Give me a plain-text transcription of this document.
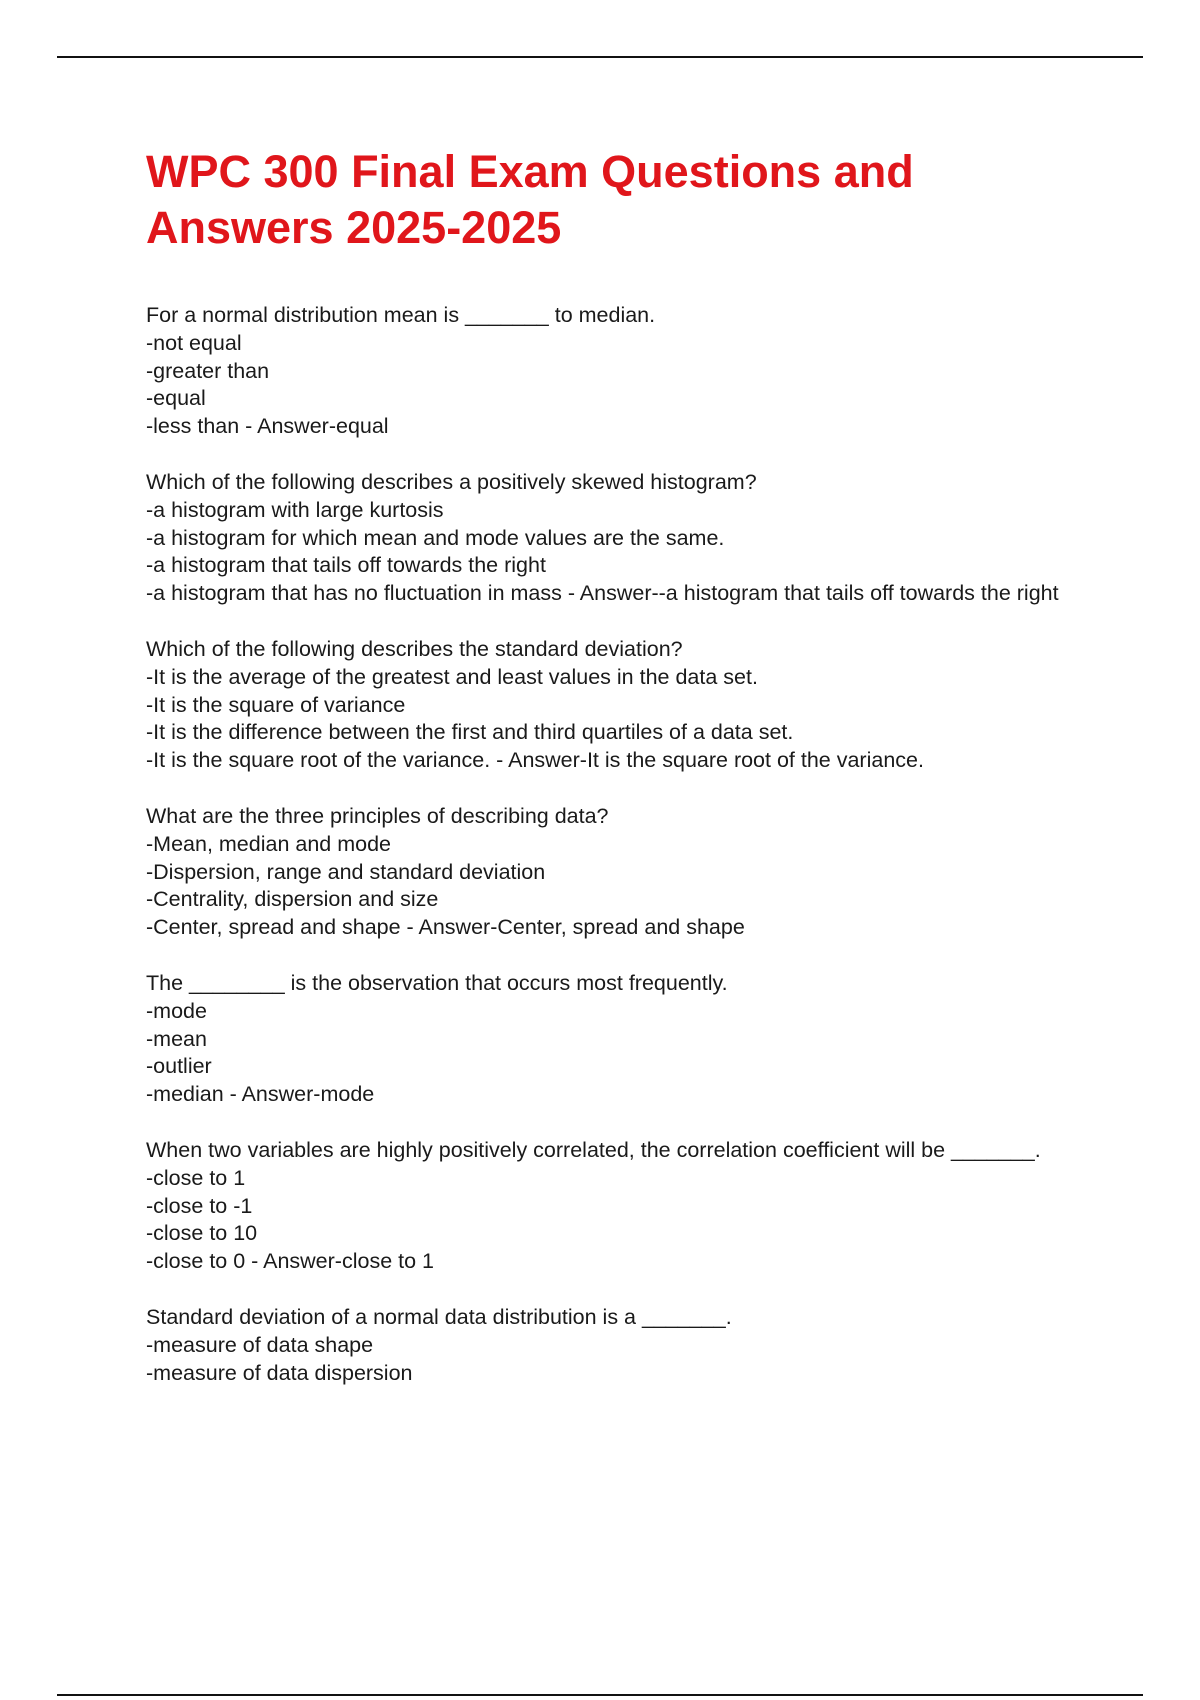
WPC 300 Final Exam Questions and Answers 2025-2025
For a normal distribution mean is _______ to median.
-not equal
-greater than
-equal
-less than - Answer-equal
Which of the following describes a positively skewed histogram?
-a histogram with large kurtosis
-a histogram for which mean and mode values are the same.
-a histogram that tails off towards the right
-a histogram that has no fluctuation in mass - Answer--a histogram that tails off towards the right
Which of the following describes the standard deviation?
-It is the average of the greatest and least values in the data set.
-It is the square of variance
-It is the difference between the first and third quartiles of a data set.
-It is the square root of the variance. - Answer-It is the square root of the variance.
What are the three principles of describing data?
-Mean, median and mode
-Dispersion, range and standard deviation
-Centrality, dispersion and size
-Center, spread and shape - Answer-Center, spread and shape
The ________ is the observation that occurs most frequently.
-mode
-mean
-outlier
-median - Answer-mode
When two variables are highly positively correlated, the correlation coefficient will be _______.
-close to 1
-close to -1
-close to 10
-close to 0 - Answer-close to 1
Standard deviation of a normal data distribution is a _______.
-measure of data shape
-measure of data dispersion
